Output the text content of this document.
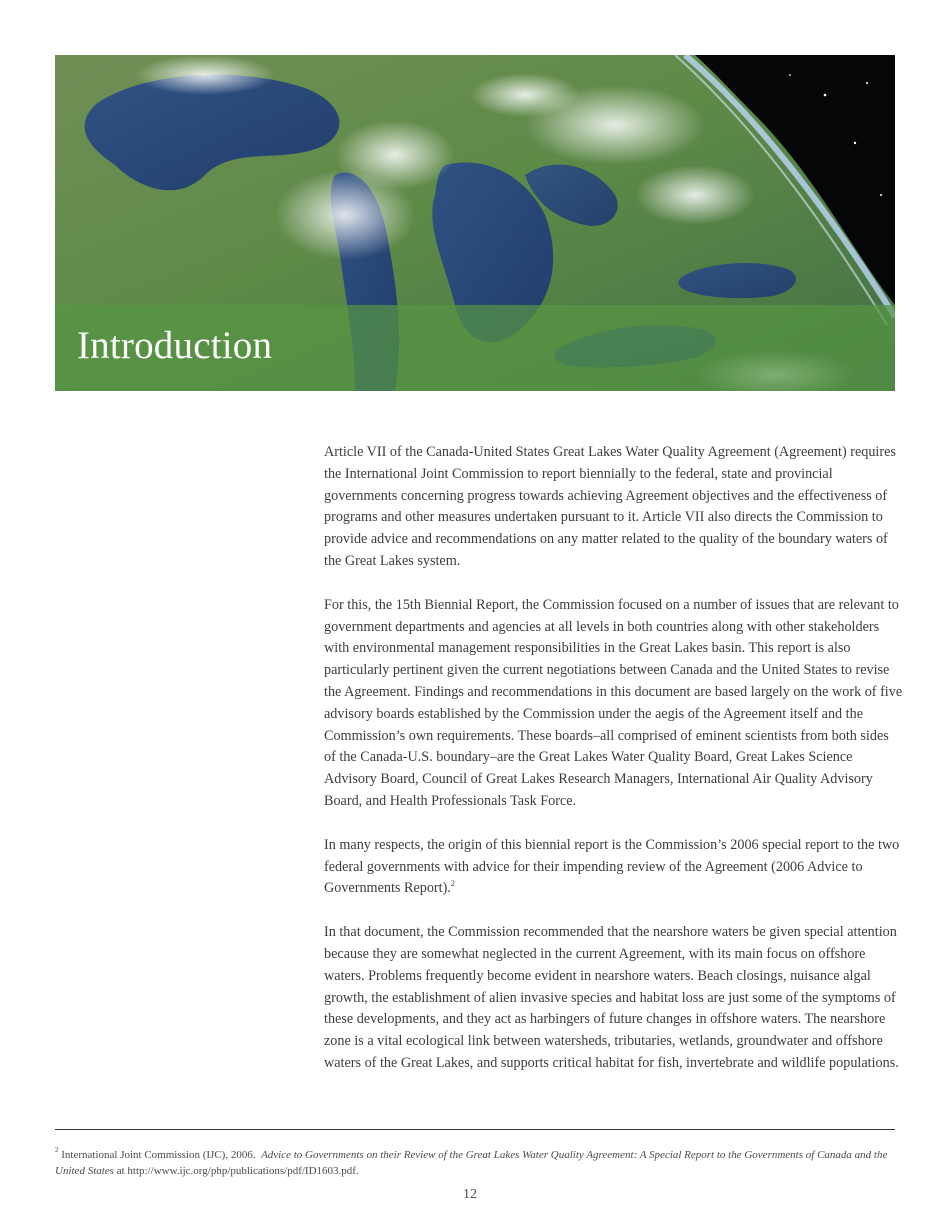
Introduction

Article VII of the Canada-United States Great Lakes Water Quality Agreement (Agreement) requires the International Joint Commission to report biennially to the federal, state and provincial governments concerning progress towards achieving Agreement objectives and the effectiveness of programs and other measures undertaken pursuant to it. Article VII also directs the Commission to provide advice and recommendations on any matter related to the quality of the boundary waters of the Great Lakes system.

For this, the 15th Biennial Report, the Commission focused on a number of issues that are relevant to government departments and agencies at all levels in both countries along with other stakeholders with environmental management responsibilities in the Great Lakes basin. This report is also particularly pertinent given the current negotiations between Canada and the United States to revise the Agreement. Findings and recommendations in this document are based largely on the work of five advisory boards established by the Commission under the aegis of the Agreement itself and the Commission’s own requirements. These boards–all comprised of eminent scientists from both sides of the Canada-U.S. boundary–are the Great Lakes Water Quality Board, Great Lakes Science Advisory Board, Council of Great Lakes Research Managers, International Air Quality Advisory Board, and Health Professionals Task Force.

In many respects, the origin of this biennial report is the Commission’s 2006 special report to the two federal governments with advice for their impending review of the Agreement (2006 Advice to Governments Report).$^2$

In that document, the Commission recommended that the nearshore waters be given special attention because they are somewhat neglected in the current Agreement, with its main focus on offshore waters. Problems frequently become evident in nearshore waters. Beach closings, nuisance algal growth, the establishment of alien invasive species and habitat loss are just some of the symptoms of these developments, and they act as harbingers of future changes in offshore waters. The nearshore zone is a vital ecological link between watersheds, tributaries, wetlands, groundwater and offshore waters of the Great Lakes, and supports critical habitat for fish, invertebrate and wildlife populations.

$^2$ International Joint Commission (IJC), 2006. Advice to Governments on their Review of the Great Lakes Water Quality Agreement: A Special Report to the Governments of Canada and the United States at http://www.ijc.org/php/publications/pdf/ID1603.pdf.
12
